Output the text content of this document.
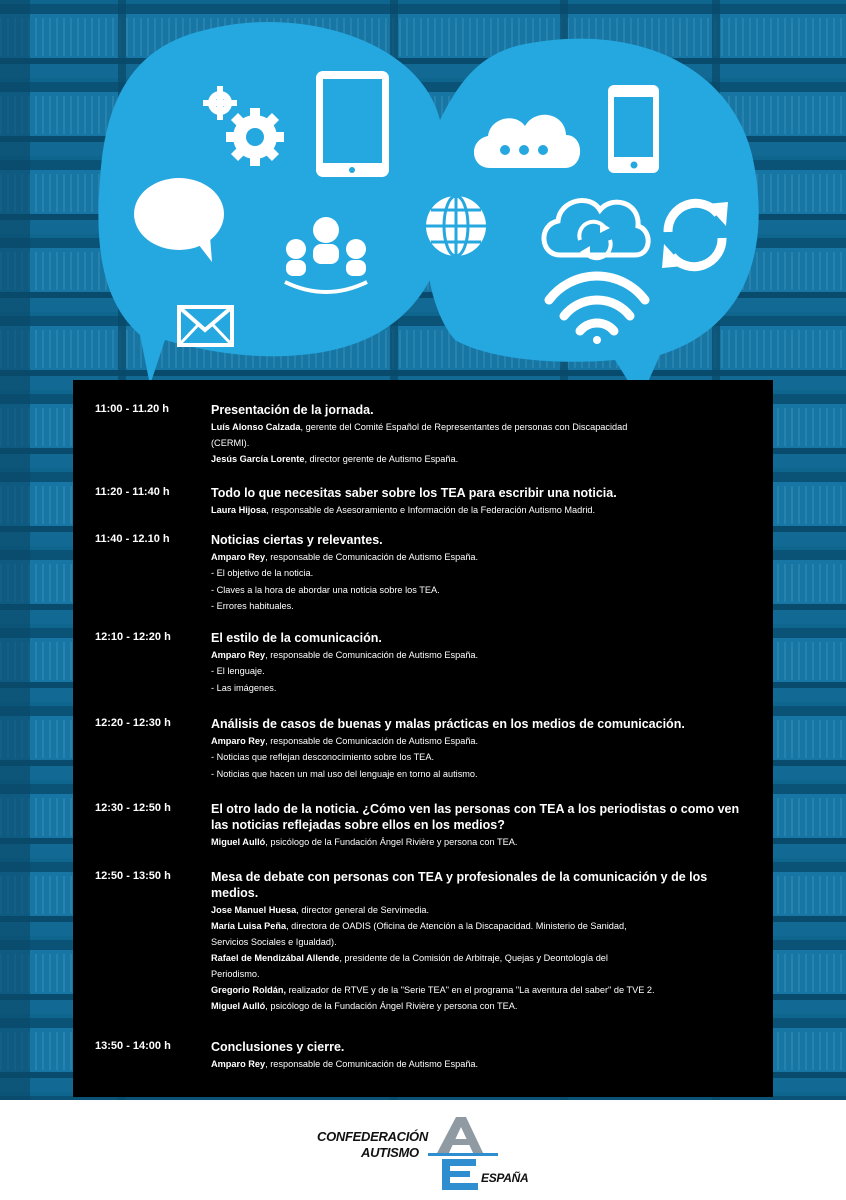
11:00 - 11.20 h	Presentación de la jornada.
Luís Alonso Calzada, gerente del Comité Español de Representantes de personas con Discapacidad
(CERMI).
Jesús García Lorente, director gerente de Autismo España.
11:20 - 11:40 h	Todo lo que necesitas saber sobre los TEA para escribir una noticia.
Laura Hijosa, responsable de Asesoramiento e Información de la Federación Autismo Madrid.
11:40 - 12.10 h	Noticias ciertas y relevantes.
Amparo Rey, responsable de Comunicación de Autismo España.
- El objetivo de la noticia.
- Claves a la hora de abordar una noticia sobre los TEA.
- Errores habituales.
12:10 - 12:20 h	El estilo de la comunicación.
Amparo Rey, responsable de Comunicación de Autismo España.
- El lenguaje.
- Las imágenes.
12:20 - 12:30 h	Análisis de casos de buenas y malas prácticas en los medios de comunicación.
Amparo Rey, responsable de Comunicación de Autismo España.
- Noticias que reflejan desconocimiento sobre los TEA.
- Noticias que hacen un mal uso del lenguaje en torno al autismo.
12:30 - 12:50 h	El otro lado de la noticia. ¿Cómo ven las personas con TEA a los periodistas o como ven las noticias reflejadas sobre ellos en los medios?
Miguel Aulló, psicólogo de la Fundación Ángel Rivière y persona con TEA.
12:50 - 13:50 h	Mesa de debate con personas con TEA y profesionales de la comunicación y de los medios.
Jose Manuel Huesa, director general de Servimedia.
María Luisa Peña, directora de OADIS (Oficina de Atención a la Discapacidad. Ministerio de Sanidad,
Servicios Sociales e Igualdad).
Rafael de Mendizábal Allende, presidente de la Comisión de Arbitraje, Quejas y Deontología del
Periodismo.
Gregorio Roldán, realizador de RTVE y de la "Serie TEA" en el programa "La aventura del saber" de TVE 2.
Miguel Aulló, psicólogo de la Fundación Ángel Rivière y persona con TEA.
13:50 - 14:00 h	Conclusiones y cierre.
Amparo Rey, responsable de Comunicación de Autismo España.
CONFEDERACIÓN
AUTISMO
ESPAÑA
